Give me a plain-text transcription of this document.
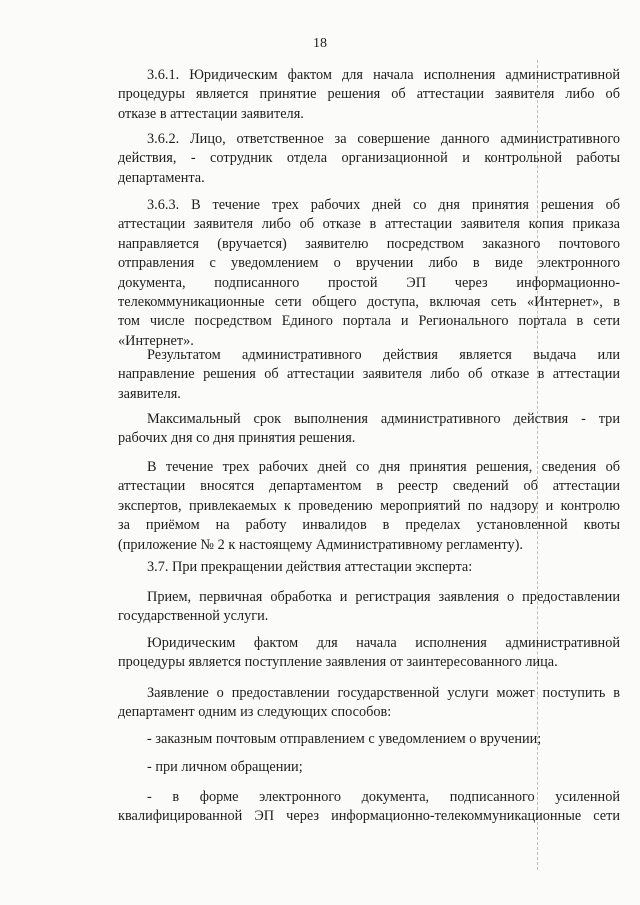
18
3.6.1. Юридическим фактом для начала исполнения административной
процедуры является принятие решения об аттестации заявителя либо об
отказе в аттестации заявителя.
3.6.2. Лицо, ответственное за совершение данного административного
действия, - сотрудник отдела организационной и контрольной работы
департамента.
3.6.3. В течение трех рабочих дней со дня принятия решения об
аттестации заявителя либо об отказе в аттестации заявителя копия приказа
направляется (вручается) заявителю посредством заказного почтового
отправления с уведомлением о вручении либо в виде электронного
документа, подписанного простой ЭП через информационно-
телекоммуникационные сети общего доступа, включая сеть «Интернет», в
том числе посредством Единого портала и Регионального портала в сети
«Интернет».
Результатом административного действия является выдача или
направление решения об аттестации заявителя либо об отказе в аттестации
заявителя.
Максимальный срок выполнения административного действия - три
рабочих дня со дня принятия решения.
В течение трех рабочих дней со дня принятия решения, сведения об
аттестации вносятся департаментом в реестр сведений об аттестации
экспертов, привлекаемых к проведению мероприятий по надзору и контролю
за приёмом на работу инвалидов в пределах установленной квоты
(приложение № 2 к настоящему Административному регламенту).
3.7. При прекращении действия аттестации эксперта:
Прием, первичная обработка и регистрация заявления о предоставлении
государственной услуги.
Юридическим фактом для начала исполнения административной
процедуры является поступление заявления от заинтересованного лица.
Заявление о предоставлении государственной услуги может поступить в
департамент одним из следующих способов:
- заказным почтовым отправлением с уведомлением о вручении;
- при личном обращении;
- в форме электронного документа, подписанного усиленной
квалифицированной ЭП через информационно-телекоммуникационные сети
